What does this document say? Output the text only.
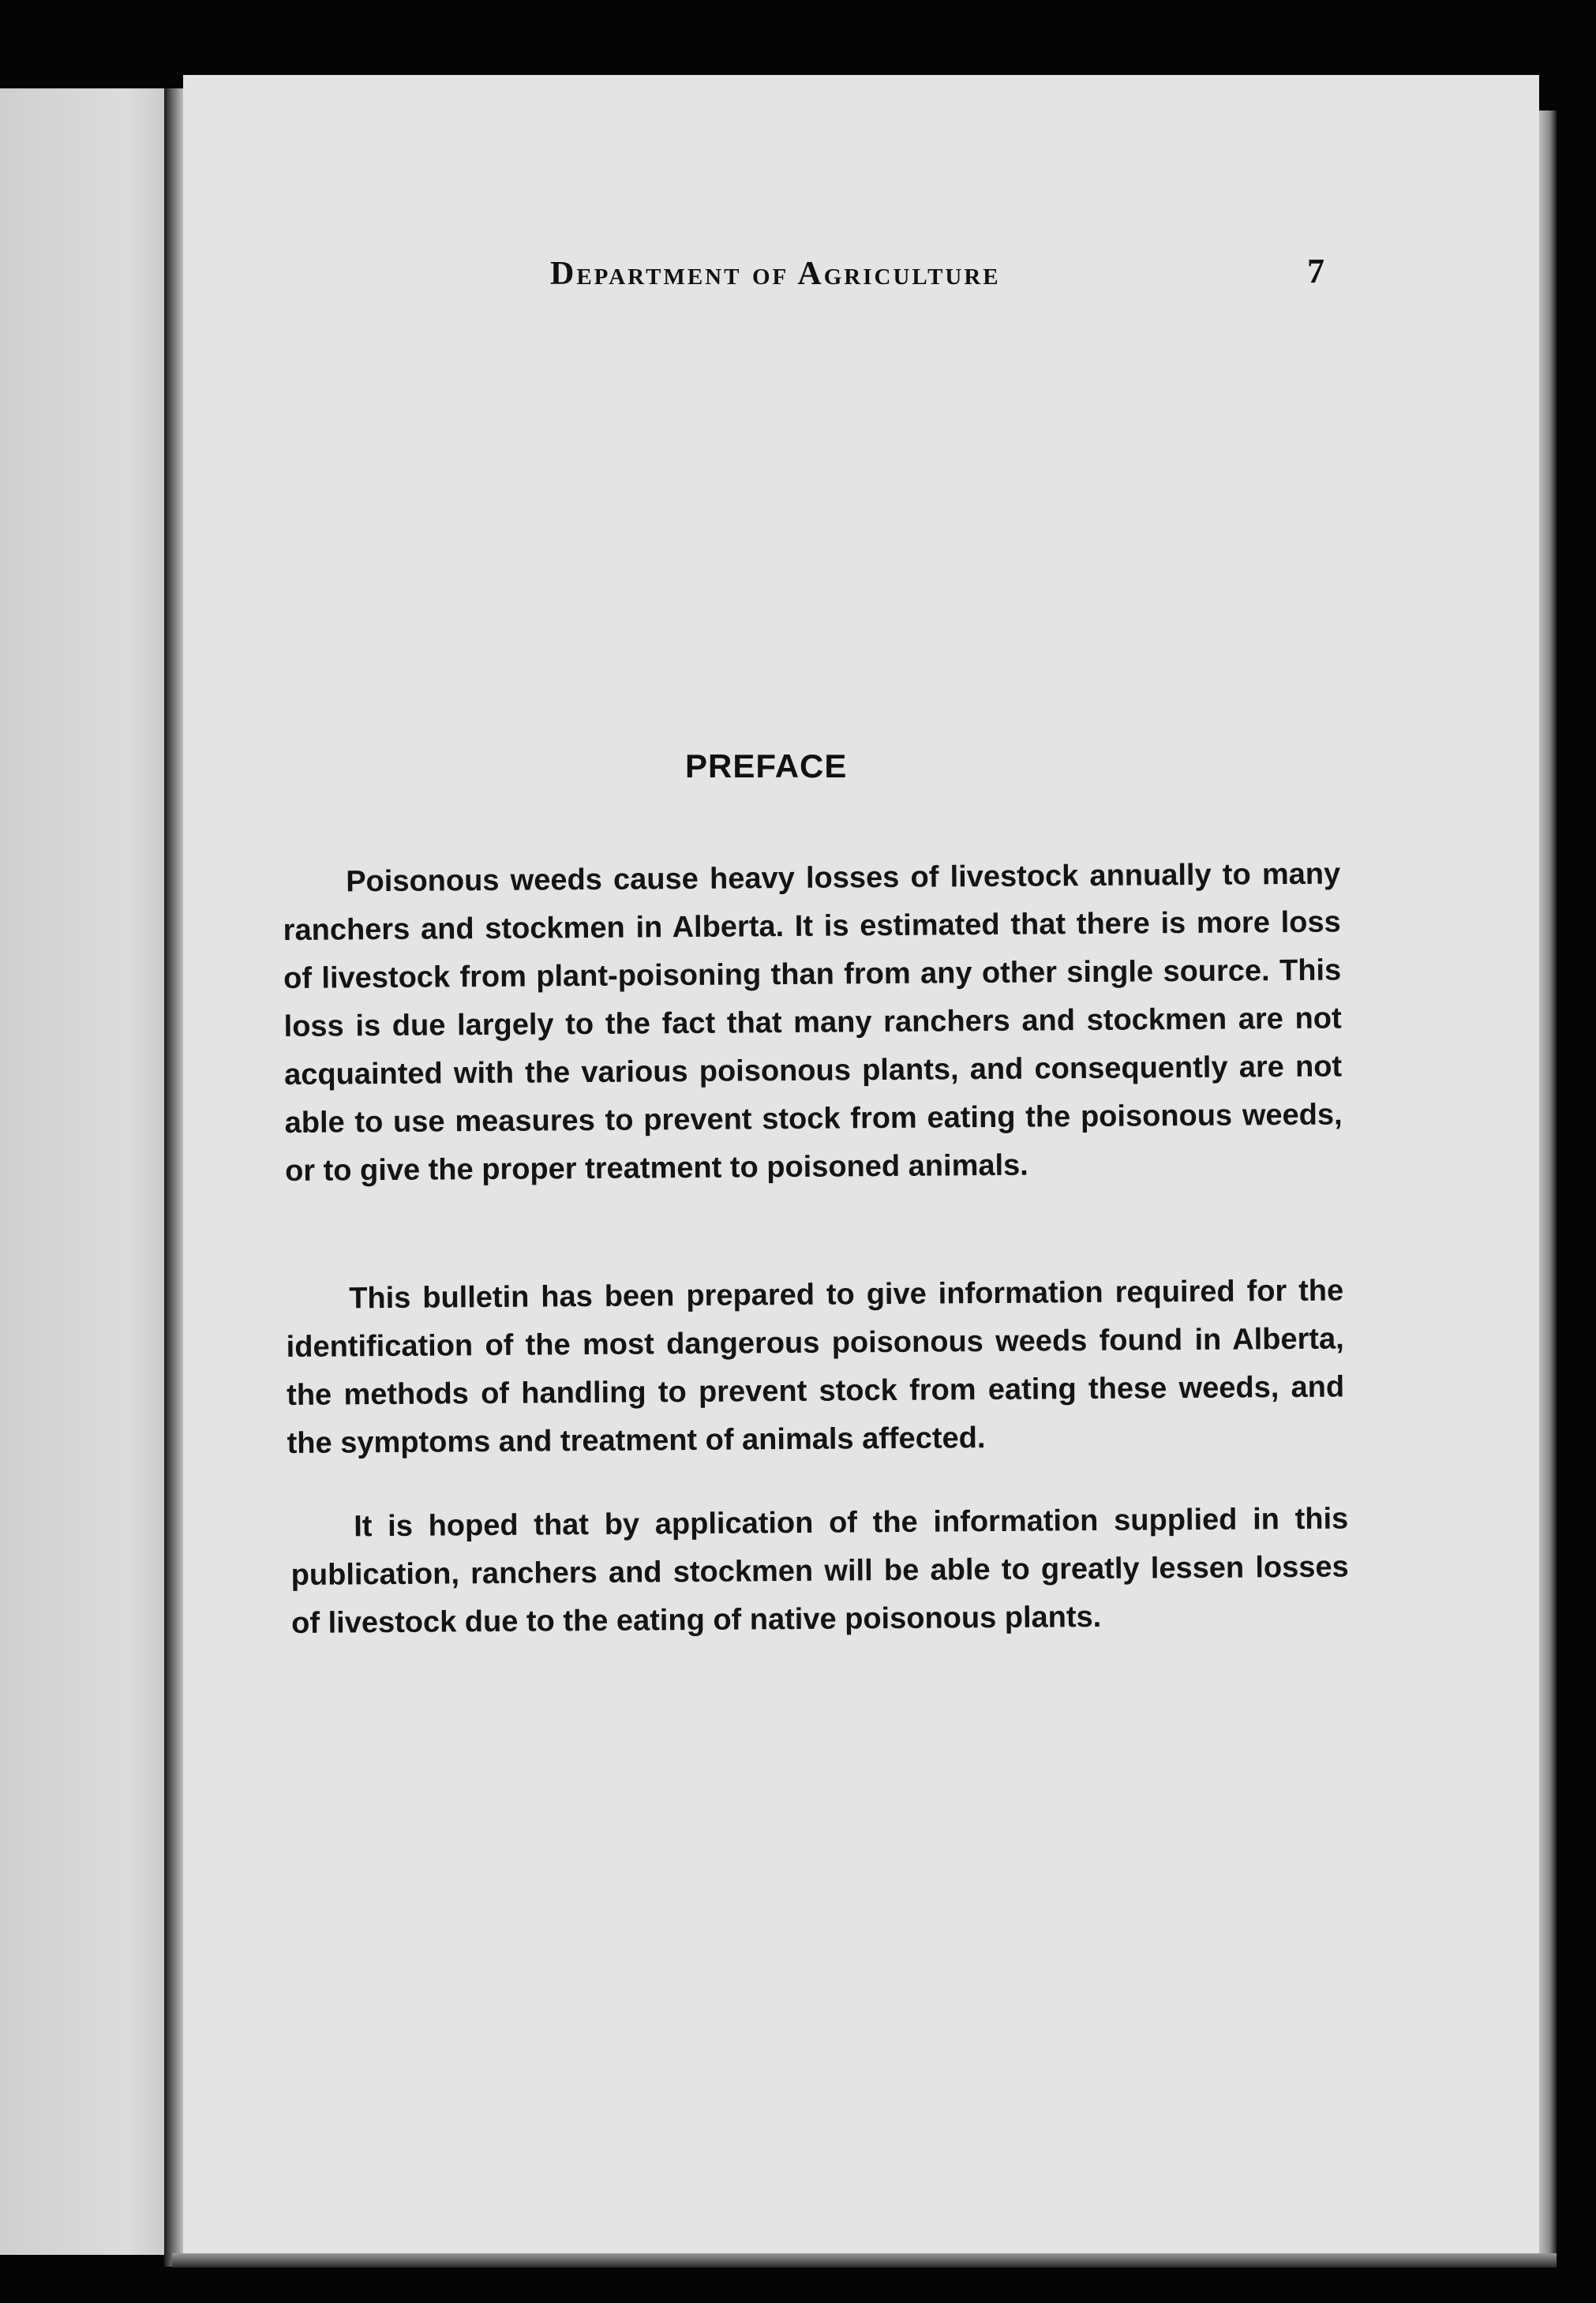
Department of Agriculture	7
PREFACE
Poisonous weeds cause heavy losses of livestock annually to many ranchers and stockmen in Alberta. It is estimated that there is more loss of livestock from plant-poisoning than from any other single source. This loss is due largely to the fact that many ranchers and stockmen are not acquainted with the various poisonous plants, and consequently are not able to use measures to prevent stock from eating the poisonous weeds, or to give the proper treatment to poisoned animals.
This bulletin has been prepared to give information required for the identification of the most dangerous poisonous weeds found in Alberta, the methods of handling to prevent stock from eating these weeds, and the symptoms and treatment of animals affected.
It is hoped that by application of the information supplied in this publication, ranchers and stockmen will be able to greatly lessen losses of livestock due to the eating of native poisonous plants.
